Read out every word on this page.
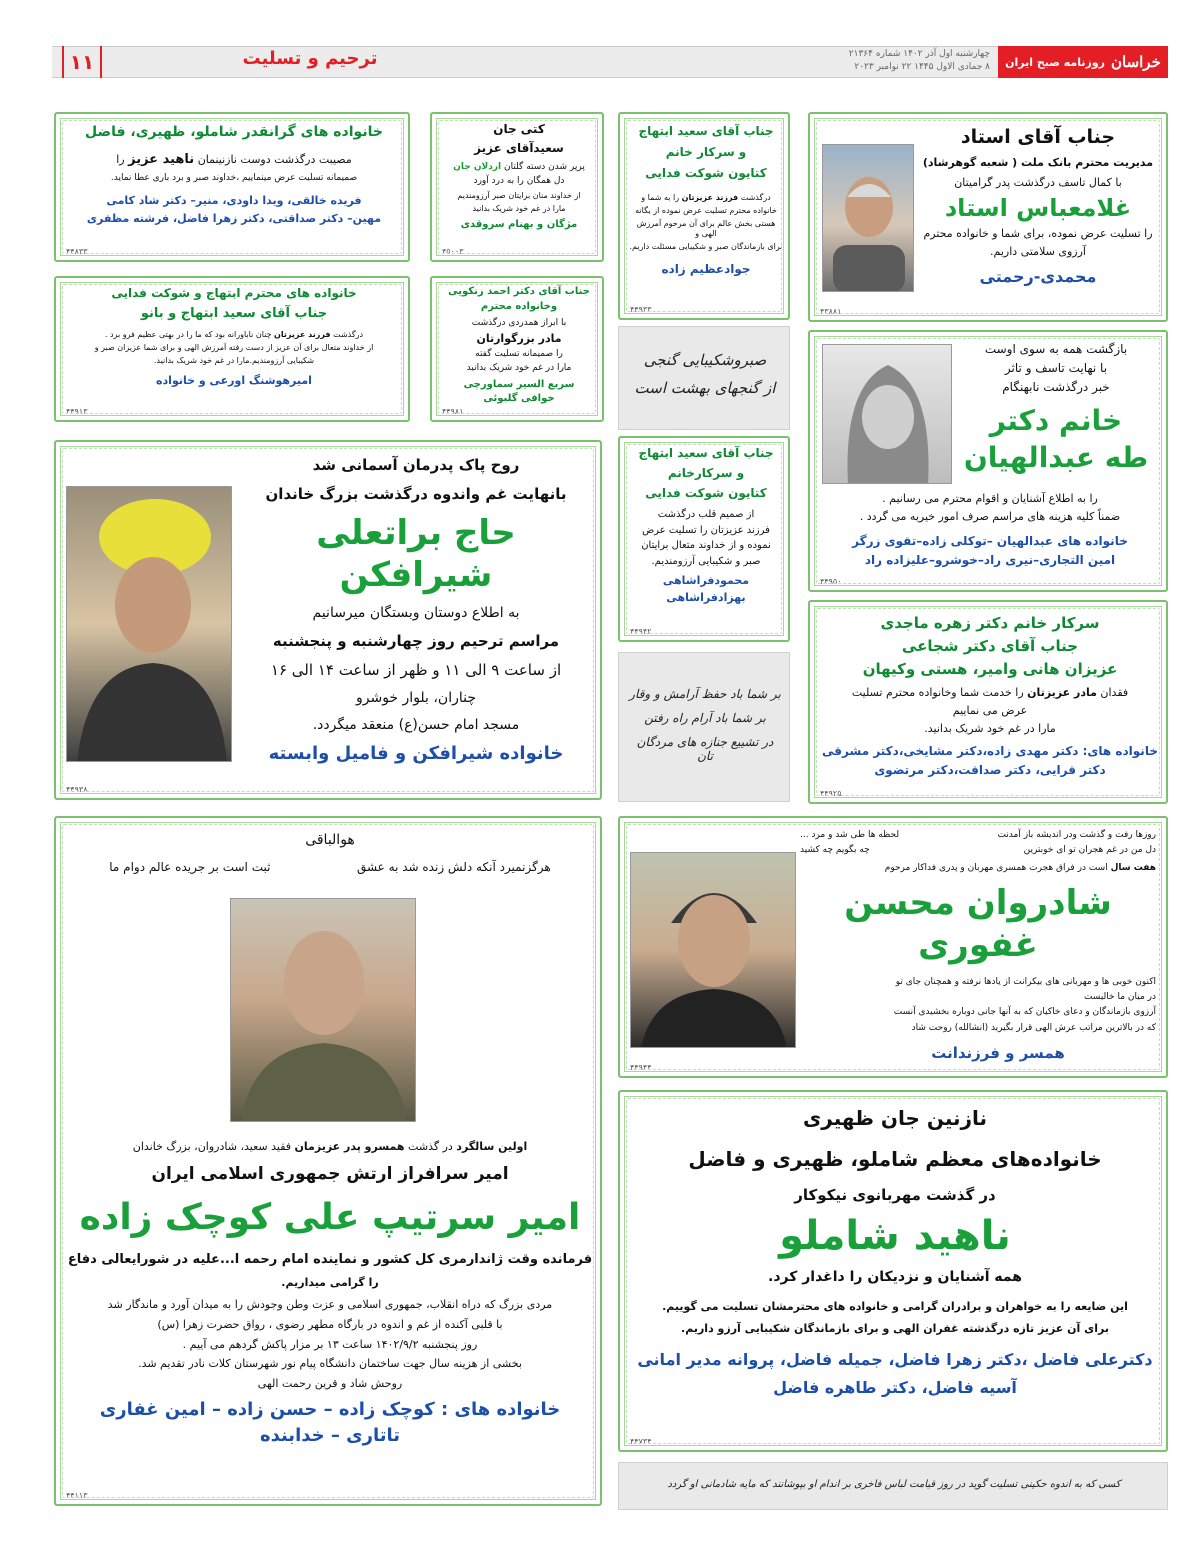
روزنامه صبح ایران خراسان
چهارشنبه اول آذر ۱۴۰۲ شماره ۲۱۳۶۴
۸ جمادی الاول ۱۴۴۵ ۲۲ نوامبر ۲۰۲۳
ترحیم و تسلیت
۱۱
جناب آقای استاد
مدیریت محترم بانک ملت ( شعبه گوهرشاد)
با کمال تاسف درگذشت پدر گرامیتان
غلامعباس استاد
را تسلیت عرض نموده، برای شما و خانواده محترم
آرزوی سلامتی داریم.
محمدی-رحمتی
۴۳۸۸۱
بازگشت همه به سوی اوست
با نهایت تاسف و تاثر
خبر درگذشت نابهنگام
خانم دکتر
طه عبدالهیان
را به اطلاع آشنایان و اقوام محترم می رسانیم .
ضمناً کلیه هزینه های مراسم صرف امور خیریه می گردد .
خانواده های عبدالهیان –توکلی زاده–تقوی زرگر
امین التجاری–نیری راد–خوشرو–علیزاده راد
۴۴۹۵۰
سرکار خانم دکتر زهره ماجدی
جناب آقای دکتر شجاعی
عزیزان هانی وامیر، هستی وکیهان
فقدان مادر عزیزتان را خدمت شما وخانواده محترم تسلیت
عرض می نماییم
مارا در غم خود شریک بدانید.
خانواده های: دکتر مهدی زاده،دکتر مشایخی،دکتر مشرقی
دکتر قرایی، دکتر صداقت،دکتر مرتضوی
۴۴۹۲۵
جناب آقای سعید ابتهاج
و سرکار خانم
کتایون شوکت فدایی
درگذشت فرزند عزیزتان را به شما و
خانواده محترم تسلیت عرض نموده از یگانه
هستی بخش عالم برای آن مرحوم آمرزش الهی و
برای بازماندگان صبر و شکیبایی مسئلت داریم.
جوادعظیم زاده
۴۴۹۳۳
صبروشکیبایی گنجی
از گنجهای بهشت است
جناب آقای سعید ابتهاج
و سرکارخانم
کتایون شوکت فدایی
از صمیم قلب درگذشت
فرزند عزیزتان را تسلیت عرض
نموده و از خداوند متعال برایتان
صبر و شکیبایی آرزومندیم.
محمودفراشاهی
بهزادفراشاهی
۴۴۹۴۲
بر شما باد حفظ آرامش و وقار
بر شما باد آرام راه رفتن
در تشییع جنازه های مردگان تان
کتی جان
سعیدآقای عزیز
پرپر شدن دسته گلتان اردلان جان
دل همگان را به درد آورد
از خداوند منان برایتان صبر آرزومندیم
مارا در غم خود شریک بدانید
مژگان و بهنام سروقدی
۴۵۰۰۳
جناب آقای دکتر احمد زنکویی
وخانواده محترم
با ابراز همدردی درگذشت
مادر بزرگوارتان
را صمیمانه تسلیت گفته
مارا در غم خود شریک بدانید
سریع السیر سماورچی
خوافی گلبوئی
۴۴۹۸۱
خانواده های گرانقدر شاملو، ظهیری، فاضل
مصیبت درگذشت دوست نازنینمان ناهید عزیز را
صمیمانه تسلیت عرض مینماییم ،خداوند صبر و برد باری عطا نماید.
فریده خالقی، ویدا داودی، منیر– دکتر شاد کامی
مهین– دکتر صداقتی، دکتر زهرا فاضل، فرشته مظفری
۴۴۸۳۳
خانواده های محترم ابتهاج و شوکت فدایی
جناب آقای سعید ابتهاج و بانو
درگذشت فرزند عزیزتان چنان ناباورانه بود که ما را در بهتی عظیم فرو برد .
از خداوند متعال برای آن عزیز از دست رفته آمرزش الهی و برای شما عزیزان صبر و
شکیبایی آرزومندیم.مارا در غم خود شریک بدانید.
امیرهوشنگ اورعی و خانواده
۴۴۹۱۳
روح پاک پدرمان آسمانی شد
بانهایت غم واندوه درگذشت بزرگ خاندان
حاج براتعلی شیرافکن
به اطلاع دوستان وبستگان میرسانیم
مراسم ترحیم روز چهارشنبه و پنجشنبه
از ساعت ۹ الی ۱۱ و ظهر از ساعت ۱۴ الی ۱۶
چناران، بلوار خوشرو
مسجد امام حسن(ع) منعقد میگردد.
خانواده شیرافکن و فامیل وابسته
۴۴۹۳۸
روزها رفت و گذشت ودر اندیشه باز آمدنت
لحظه ها طی شد و مرد ...
دل من در غم هجران تو ای خوبترین
چه بگویم چه کشید
هفت سال است در فراق هجرت همسری مهربان و پدری فداکار مرحوم
شادروان محسن غفوری
اکنون خوبی ها و مهربانی های بیکرانت از یادها نرفته و همچنان جای تو
در میان ما خالیست
آرزوی بازماندگان و دعای خاکیان که به آنها جانی دوباره بخشیدی آنست
که در بالاترین مراتب عرش الهی قرار بگیرید (انشالله) روحت شاد
همسر و فرزندانت
۴۴۹۴۴
هوالباقی
هرگزنمیرد آنکه دلش زنده شد به عشق
ثبت است بر جریده عالم دوام ما
اولین سالگرد در گذشت همسرو پدر عزیزمان فقید سعید، شادروان، بزرگ خاندان
امیر سرافراز ارتش جمهوری اسلامی ایران
امیر سرتیپ علی کوچک زاده
فرمانده وقت ژاندارمری کل کشور و نماینده امام رحمه ا...علیه در شورایعالی دفاع
را گرامی میداریم.
مردی بزرگ که دراه انقلاب، جمهوری اسلامی و عزت وطن وجودش را به میدان آورد و ماندگار شد
با قلبی آکنده از غم و اندوه در بارگاه مطهر رضوی ، رواق حضرت زهرا (س)
روز پنجشنبه ۱۴۰۲/۹/۲ ساعت ۱۳ بر مزار پاکش گردهم می آییم .
بخشی از هزینه سال جهت ساختمان دانشگاه پیام نور شهرستان کلات نادر تقدیم شد.
روحش شاد و قرین رحمت الهی
خانواده های : کوچک زاده – حسن زاده – امین غفاری
تاتاری – خدابنده
۴۴۱۱۳
نازنین جان ظهیری
خانواده‌های معظم شاملو، ظهیری و فاضل
در گذشت مهربانوی نیکوکار
ناهید شاملو
همه آشنایان و نزدیکان را داغدار کرد.
این ضایعه را به خواهران و برادران گرامی و خانواده های محترمشان تسلیت می گوییم.
برای آن عزیز تازه درگذشته غفران الهی و برای بازماندگان شکیبایی آرزو داریم.
دکترعلی فاضل ،دکتر زهرا فاضل، جمیله فاضل، پروانه مدیر امانی
آسیه فاضل، دکتر طاهره فاضل
۴۴۷۳۴
کسی که به اندوه حکینی تسلیت گوید در روز قیامت لباس فاخری بر اندام او بپوشانند که مایه شادمانی او گردد
